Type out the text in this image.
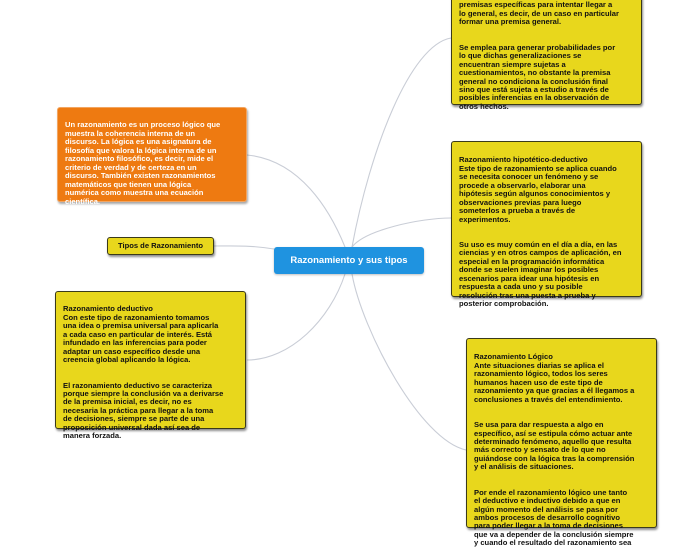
premisas específicas para intentar llegar a
lo general, es decir, de un caso en particular
formar una premisa general.

Se emplea para generar probabilidades por
lo que dichas generalizaciones se
encuentran siempre sujetas a
cuestionamientos, no obstante la premisa
general no condiciona la conclusión final
sino que está sujeta a estudio a través de
posibles inferencias en la observación de
otros hechos.

Un razonamiento es un proceso lógico que
muestra la coherencia interna de un
discurso. La lógica es una asignatura de
filosofía que valora la lógica interna de un
razonamiento filosófico, es decir, mide el
criterio de verdad y de certeza en un
discurso. También existen razonamientos
matemáticos que tienen una lógica
numérica como muestra una ecuación
científica.

Tipos de Razonamiento
Razonamiento y sus tipos

Razonamiento hipotético-deductivo
Este tipo de razonamiento se aplica cuando
se necesita conocer un fenómeno y se
procede a observarlo, elaborar una
hipótesis según algunos conocimientos y
observaciones previas para luego
someterlos a prueba a través de
experimentos.

Su uso es muy común en el día a día, en las
ciencias y en otros campos de aplicación, en
especial en la programación informática
donde se suelen imaginar los posibles
escenarios para idear una hipótesis en
respuesta a cada uno y su posible
resolución tras una puesta a prueba y
posterior comprobación.

Razonamiento deductivo
Con este tipo de razonamiento tomamos
una idea o premisa universal para aplicarla
a cada caso en particular de interés. Está
infundado en las inferencias para poder
adaptar un caso específico desde una
creencia global aplicando la lógica.

El razonamiento deductivo se caracteriza
porque siempre la conclusión va a derivarse
de la premisa inicial, es decir, no es
necesaria la práctica para llegar a la toma
de decisiones, siempre se parte de una
proposición universal dada así sea de
manera forzada.

Razonamiento Lógico
Ante situaciones diarias se aplica el
razonamiento lógico, todos los seres
humanos hacen uso de este tipo de
razonamiento ya que gracias a él llegamos a
conclusiones a través del entendimiento.

Se usa para dar respuesta a algo en
específico, así se estipula cómo actuar ante
determinado fenómeno, aquello que resulta
más correcto y sensato de lo que no
guiándose con la lógica tras la comprensión
y el análisis de situaciones.

Por ende el razonamiento lógico une tanto
el deductivo e inductivo debido a que en
algún momento del análisis se pasa por
ambos procesos de desarrollo cognitivo
para poder llegar a la toma de decisiones
que va a depender de la conclusión siempre
y cuando el resultado del razonamiento sea
